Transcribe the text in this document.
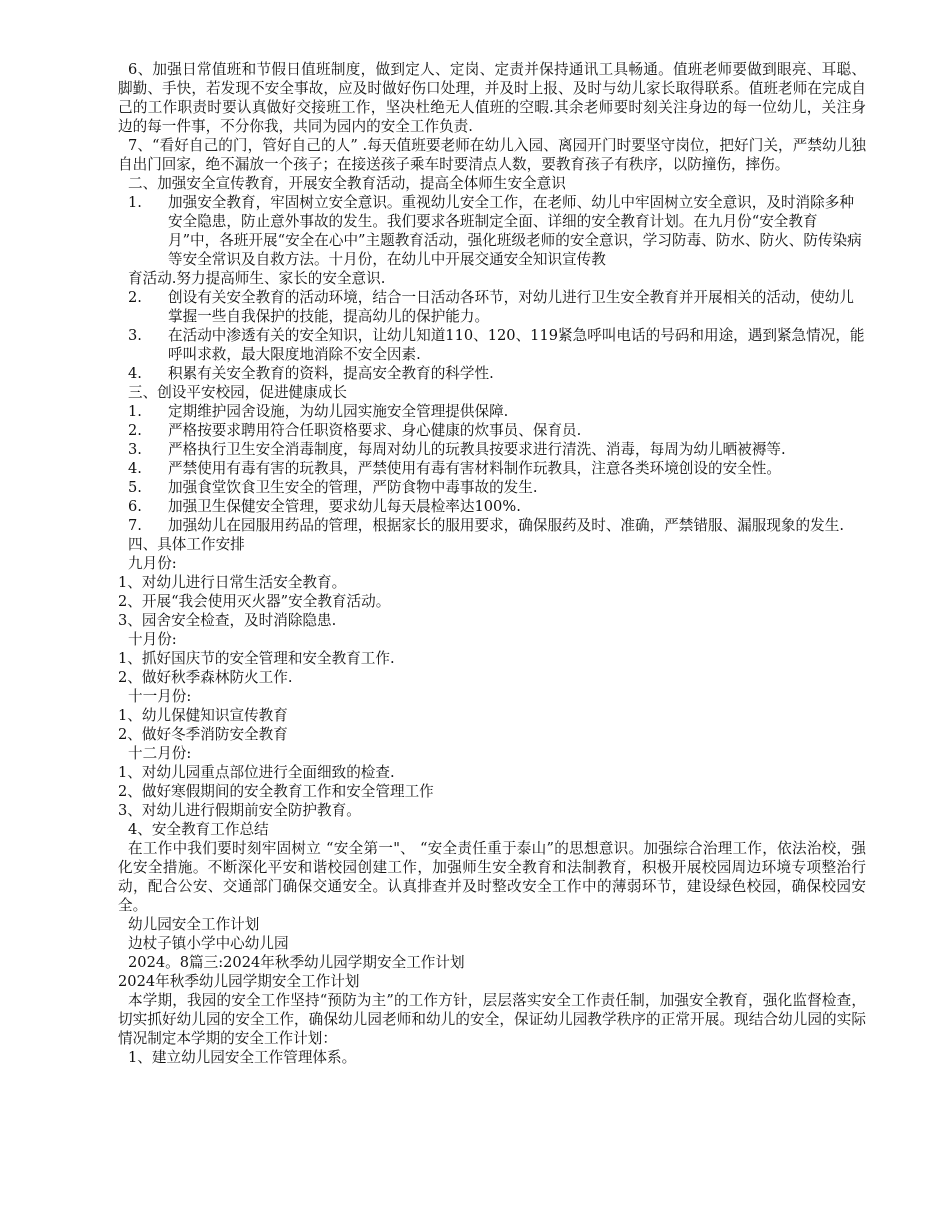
6、加强日常值班和节假日值班制度，做到定人、定岗、定责并保持通讯工具畅通。值班老师要做到眼亮、耳聪、脚勤、手快，若发现不安全事故，应及时做好伤口处理，并及时上报、及时与幼儿家长取得联系。值班老师在完成自己的工作职责时要认真做好交接班工作，坚决杜绝无人值班的空暇.其余老师要时刻关注身边的每一位幼儿，关注身边的每一件事，不分你我，共同为园内的安全工作负责.

7、“看好自己的门，管好自己的人” .每天值班要老师在幼儿入园、离园开门时要坚守岗位，把好门关，严禁幼儿独自出门回家，绝不漏放一个孩子；在接送孩子乘车时要清点人数，要教育孩子有秩序，以防撞伤，摔伤。

二、加强安全宣传教育，开展安全教育活动，提高全体师生安全意识

1.	加强安全教育，牢固树立安全意识。重视幼儿安全工作，在老师、幼儿中牢固树立安全意识，及时消除多种安全隐患，防止意外事故的发生。我们要求各班制定全面、详细的安全教育计划。在九月份“安全教育月”中，各班开展“安全在心中”主题教育活动，强化班级老师的安全意识，学习防毒、防水、防火、防传染病等安全常识及自救方法。十月份，在幼儿中开展交通安全知识宣传教

育活动.努力提高师生、家长的安全意识.

2.	创设有关安全教育的活动环境，结合一日活动各环节，对幼儿进行卫生安全教育并开展相关的活动，使幼儿掌握一些自我保护的技能，提高幼儿的保护能力。
3.	在活动中渗透有关的安全知识，让幼儿知道110、120、119紧急呼叫电话的号码和用途，遇到紧急情况，能呼叫求救，最大限度地消除不安全因素.
4.	积累有关安全教育的资料，提高安全教育的科学性.

三、创设平安校园，促进健康成长

1.	定期维护园舍设施，为幼儿园实施安全管理提供保障.
2.	严格按要求聘用符合任职资格要求、身心健康的炊事员、保育员.
3.	严格执行卫生安全消毒制度，每周对幼儿的玩教具按要求进行清洗、消毒，每周为幼儿晒被褥等.
4.	严禁使用有毒有害的玩教具，严禁使用有毒有害材料制作玩教具，注意各类环境创设的安全性。
5.	加强食堂饮食卫生安全的管理，严防食物中毒事故的发生.
6.	加强卫生保健安全管理，要求幼儿每天晨检率达100%.
7.	加强幼儿在园服用药品的管理，根据家长的服用要求，确保服药及时、准确，严禁错服、漏服现象的发生.

四、具体工作安排

九月份:

1、对幼儿进行日常生活安全教育。

2、开展“我会使用灭火器”安全教育活动。

3、园舍安全检查，及时消除隐患.

十月份:

1、抓好国庆节的安全管理和安全教育工作.

2、做好秋季森林防火工作.

十一月份:

1、幼儿保健知识宣传教育

2、做好冬季消防安全教育

十二月份:

1、对幼儿园重点部位进行全面细致的检查.

2、做好寒假期间的安全教育工作和安全管理工作

3、对幼儿进行假期前安全防护教育。

4、安全教育工作总结

在工作中我们要时刻牢固树立 “安全第一"、 “安全责任重于泰山”的思想意识。加强综合治理工作，依法治校，强化安全措施。不断深化平安和谐校园创建工作，加强师生安全教育和法制教育，积极开展校园周边环境专项整治行动，配合公安、交通部门确保交通安全。认真排查并及时整改安全工作中的薄弱环节，建设绿色校园，确保校园安全。

幼儿园安全工作计划

边杖子镇小学中心幼儿园

2024。8篇三:2024年秋季幼儿园学期安全工作计划

2024年秋季幼儿园学期安全工作计划

本学期，我园的安全工作坚持“预防为主”的工作方针，层层落实安全工作责任制，加强安全教育，强化监督检查，切实抓好幼儿园的安全工作，确保幼儿园老师和幼儿的安全，保证幼儿园教学秩序的正常开展。现结合幼儿园的实际情况制定本学期的安全工作计划：

1、建立幼儿园安全工作管理体系。
